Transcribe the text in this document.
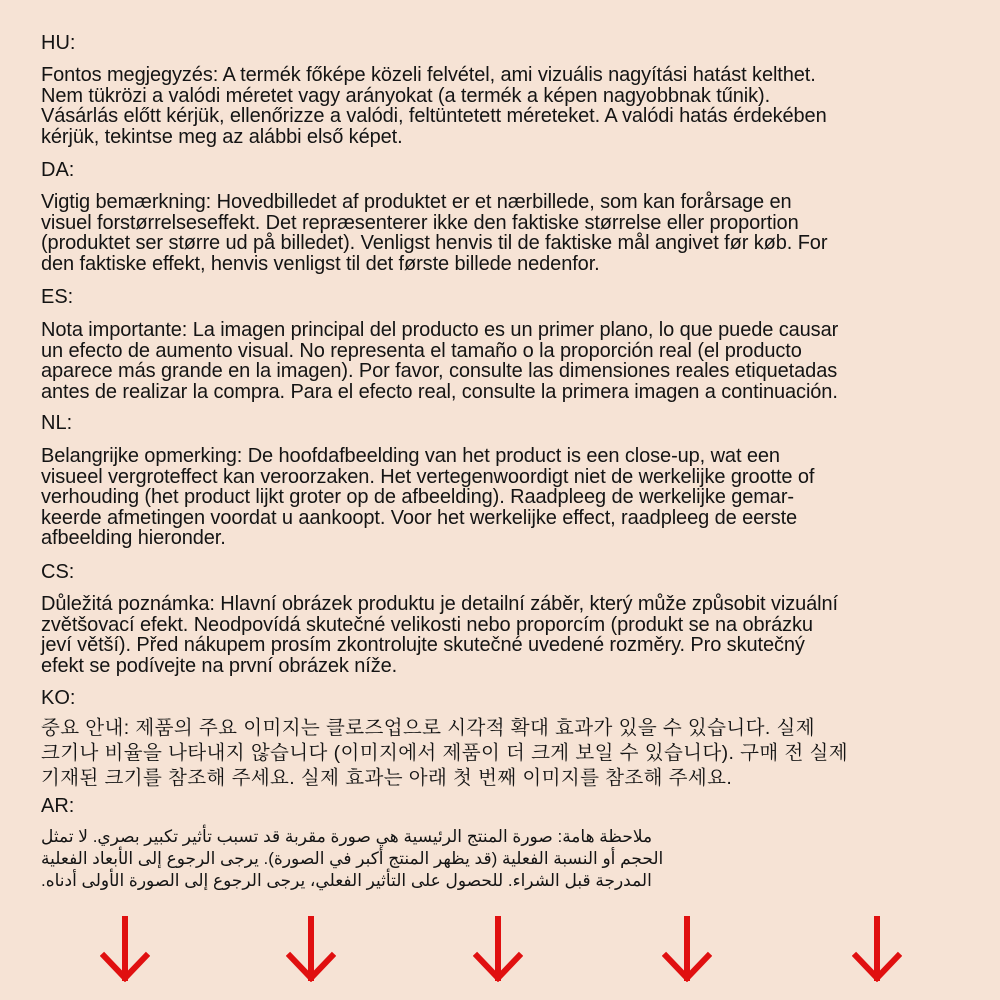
HU:
Fontos megjegyzés: A termék főképe közeli felvétel, ami vizuális nagyítási hatást kelthet.
Nem tükrözi a valódi méretet vagy arányokat (a termék a képen nagyobbnak tűnik).
Vásárlás előtt kérjük, ellenőrizze a valódi, feltüntetett méreteket. A valódi hatás érdekében
kérjük, tekintse meg az alábbi első képet.
DA:
Vigtig bemærkning: Hovedbilledet af produktet er et nærbillede, som kan forårsage en
visuel forstørrelseseffekt. Det repræsenterer ikke den faktiske størrelse eller proportion
(produktet ser større ud på billedet). Venligst henvis til de faktiske mål angivet før køb. For
den faktiske effekt, henvis venligst til det første billede nedenfor.
ES:
Nota importante: La imagen principal del producto es un primer plano, lo que puede causar
un efecto de aumento visual. No representa el tamaño o la proporción real (el producto
aparece más grande en la imagen). Por favor, consulte las dimensiones reales etiquetadas
antes de realizar la compra. Para el efecto real, consulte la primera imagen a continuación.
NL:
Belangrijke opmerking: De hoofdafbeelding van het product is een close-up, wat een
visueel vergroteffect kan veroorzaken. Het vertegenwoordigt niet de werkelijke grootte of
verhouding (het product lijkt groter op de afbeelding). Raadpleeg de werkelijke gemar-
keerde afmetingen voordat u aankoopt. Voor het werkelijke effect, raadpleeg de eerste
afbeelding hieronder.
CS:
Důležitá poznámka: Hlavní obrázek produktu je detailní záběr, který může způsobit vizuální
zvětšovací efekt. Neodpovídá skutečné velikosti nebo proporcím (produkt se na obrázku
jeví větší). Před nákupem prosím zkontrolujte skutečné uvedené rozměry. Pro skutečný
efekt se podívejte na první obrázek níže.
KO:
중요 안내: 제품의 주요 이미지는 클로즈업으로 시각적 확대 효과가 있을 수 있습니다. 실제
크기나 비율을 나타내지 않습니다 (이미지에서 제품이 더 크게 보일 수 있습니다). 구매 전 실제
기재된 크기를 참조해 주세요. 실제 효과는 아래 첫 번째 이미지를 참조해 주세요.
AR:
ملاحظة هامة: صورة المنتج الرئيسية هي صورة مقربة قد تسبب تأثير تكبير بصري. لا تمثل
الحجم أو النسبة الفعلية (قد يظهر المنتج أكبر في الصورة). يرجى الرجوع إلى الأبعاد الفعلية
المدرجة قبل الشراء. للحصول على التأثير الفعلي، يرجى الرجوع إلى الصورة الأولى أدناه.
